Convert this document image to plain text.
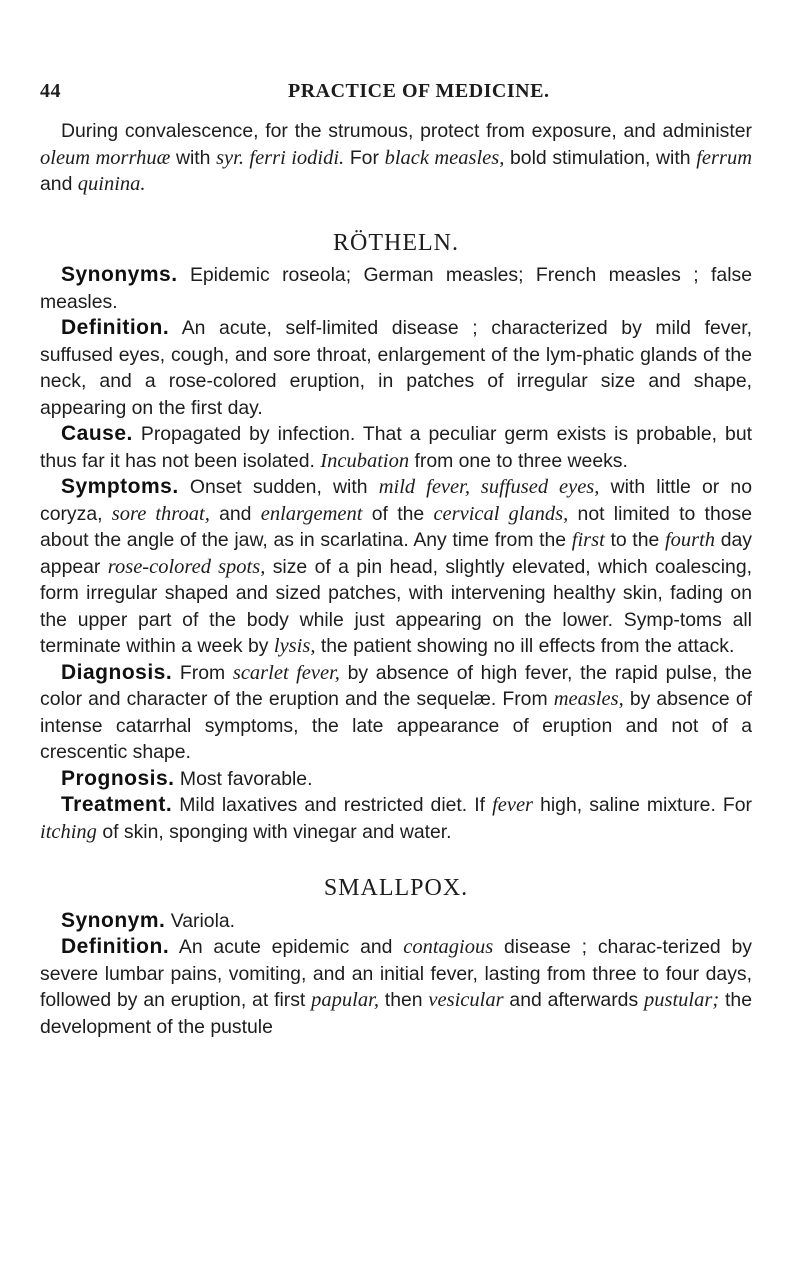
44	PRACTICE OF MEDICINE.

During convalescence, for the strumous, protect from exposure, and administer oleum morrhuæ with syr. ferri iodidi. For black measles, bold stimulation, with ferrum and quinina.

RÖTHELN.

Synonyms. Epidemic roseola; German measles; French measles ; false measles.

Definition. An acute, self-limited disease ; characterized by mild fever, suffused eyes, cough, and sore throat, enlargement of the lym-phatic glands of the neck, and a rose-colored eruption, in patches of irregular size and shape, appearing on the first day.

Cause. Propagated by infection. That a peculiar germ exists is probable, but thus far it has not been isolated. Incubation from one to three weeks.

Symptoms. Onset sudden, with mild fever, suffused eyes, with little or no coryza, sore throat, and enlargement of the cervical glands, not limited to those about the angle of the jaw, as in scarlatina. Any time from the first to the fourth day appear rose-colored spots, size of a pin head, slightly elevated, which coalescing, form irregular shaped and sized patches, with intervening healthy skin, fading on the upper part of the body while just appearing on the lower. Symp-toms all terminate within a week by lysis, the patient showing no ill effects from the attack.

Diagnosis. From scarlet fever, by absence of high fever, the rapid pulse, the color and character of the eruption and the sequelæ. From measles, by absence of intense catarrhal symptoms, the late appearance of eruption and not of a crescentic shape.

Prognosis. Most favorable.

Treatment. Mild laxatives and restricted diet. If fever high, saline mixture. For itching of skin, sponging with vinegar and water.

SMALLPOX.

Synonym. Variola.

Definition. An acute epidemic and contagious disease ; charac-terized by severe lumbar pains, vomiting, and an initial fever, lasting from three to four days, followed by an eruption, at first papular, then vesicular and afterwards pustular; the development of the pustule
